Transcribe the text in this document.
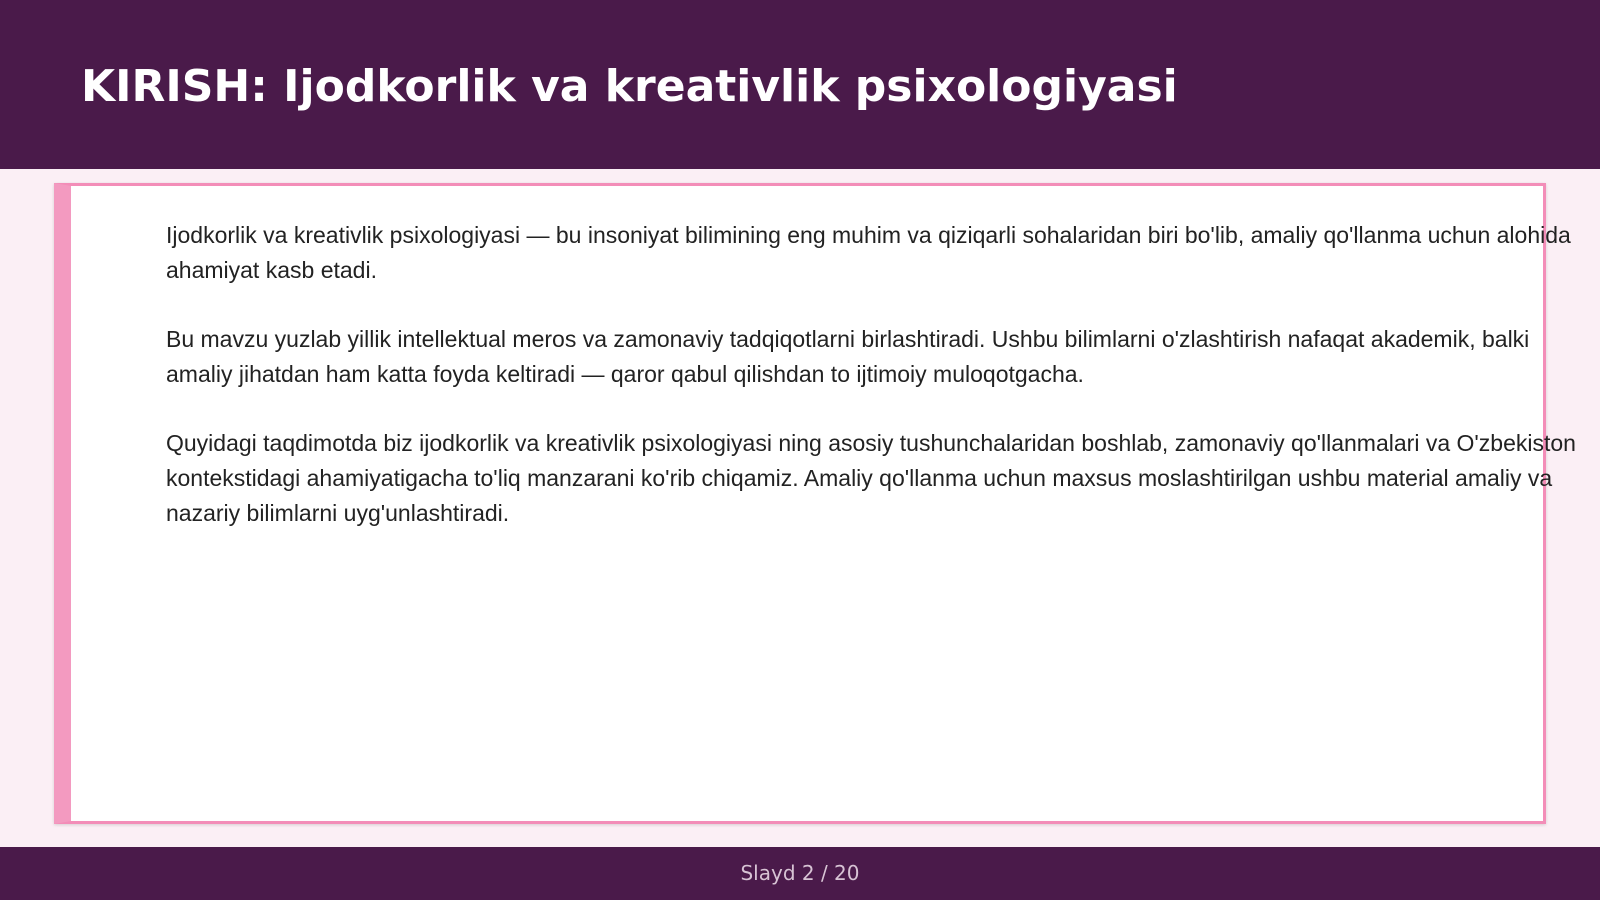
KIRISH: Ijodkorlik va kreativlik psixologiyasi

Ijodkorlik va kreativlik psixologiyasi — bu insoniyat bilimining eng muhim va qiziqarli sohalaridan biri bo'lib, amaliy qo'llanma uchun alohida ahamiyat kasb etadi.

Bu mavzu yuzlab yillik intellektual meros va zamonaviy tadqiqotlarni birlashtiradi. Ushbu bilimlarni o'zlashtirish nafaqat akademik, balki amaliy jihatdan ham katta foyda keltiradi — qaror qabul qilishdan to ijtimoiy muloqotgacha.

Quyidagi taqdimotda biz ijodkorlik va kreativlik psixologiyasi ning asosiy tushunchalaridan boshlab, zamonaviy qo'llanmalari va O'zbekiston kontekstidagi ahamiyatigacha to'liq manzarani ko'rib chiqamiz. Amaliy qo'llanma uchun maxsus moslashtirilgan ushbu material amaliy va nazariy bilimlarni uyg'unlashtiradi.

Slayd 2 / 20
